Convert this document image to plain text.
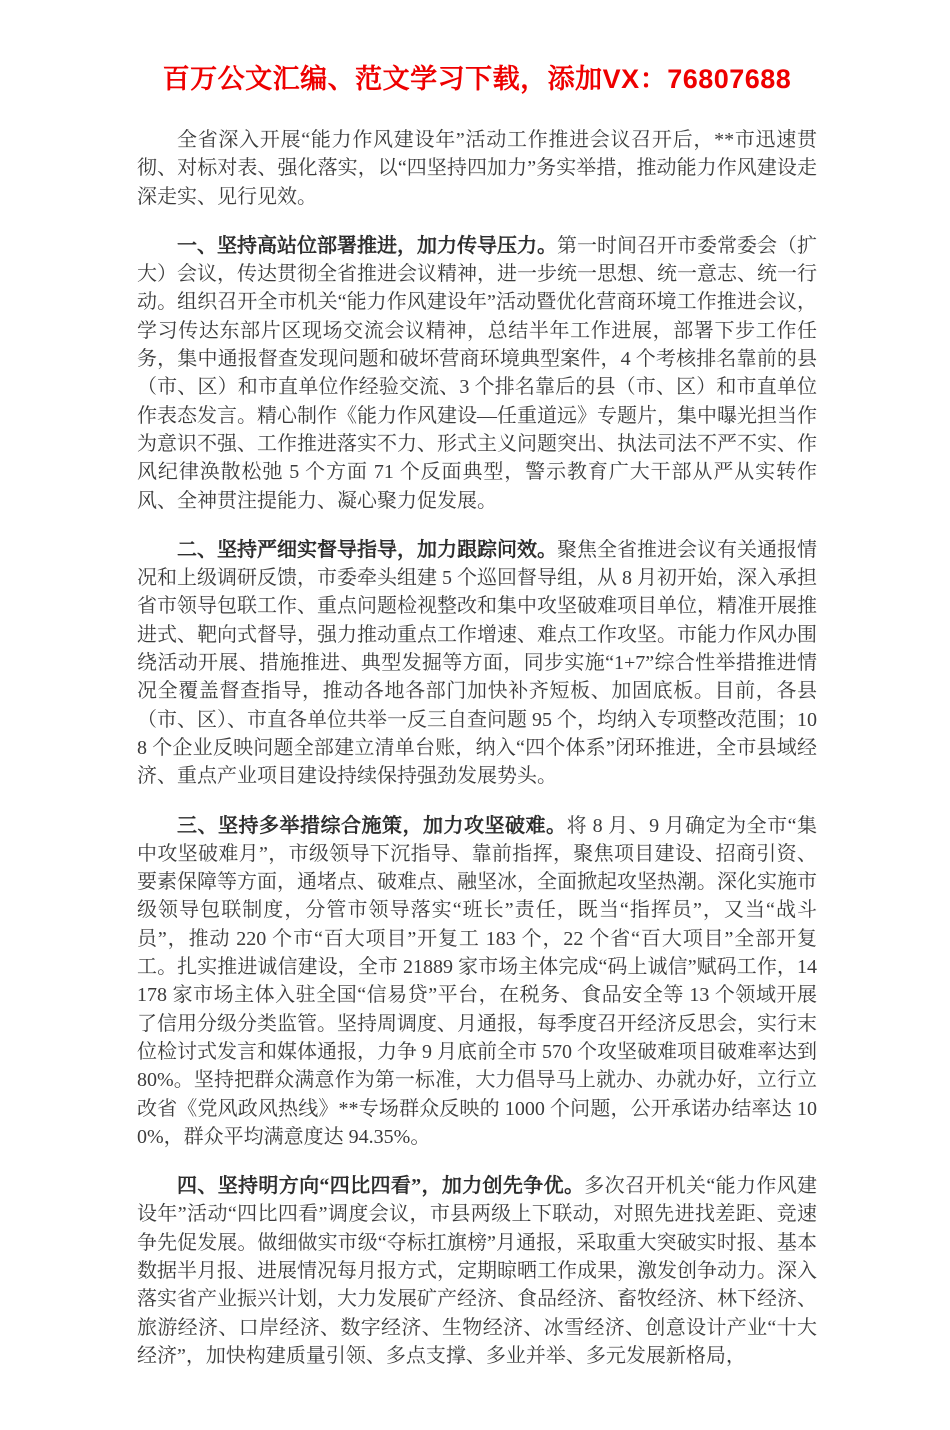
百万公文汇编、范文学习下载，添加VX：76807688

全省深入开展“能力作风建设年”活动工作推进会议召开后，**市迅速贯彻、对标对表、强化落实，以“四坚持四加力”务实举措，推动能力作风建设走深走实、见行见效。

一、坚持高站位部署推进，加力传导压力。第一时间召开市委常委会（扩大）会议，传达贯彻全省推进会议精神，进一步统一思想、统一意志、统一行动。组织召开全市机关“能力作风建设年”活动暨优化营商环境工作推进会议，学习传达东部片区现场交流会议精神，总结半年工作进展，部署下步工作任务，集中通报督查发现问题和破坏营商环境典型案件，4 个考核排名靠前的县（市、区）和市直单位作经验交流、3 个排名靠后的县（市、区）和市直单位作表态发言。精心制作《能力作风建设—任重道远》专题片，集中曝光担当作为意识不强、工作推进落实不力、形式主义问题突出、执法司法不严不实、作风纪律涣散松弛 5 个方面 71 个反面典型，警示教育广大干部从严从实转作风、全神贯注提能力、凝心聚力促发展。

二、坚持严细实督导指导，加力跟踪问效。聚焦全省推进会议有关通报情况和上级调研反馈，市委牵头组建 5 个巡回督导组，从 8 月初开始，深入承担省市领导包联工作、重点问题检视整改和集中攻坚破难项目单位，精准开展推进式、靶向式督导，强力推动重点工作增速、难点工作攻坚。市能力作风办围绕活动开展、措施推进、典型发掘等方面，同步实施“1+7”综合性举措推进情况全覆盖督查指导，推动各地各部门加快补齐短板、加固底板。目前，各县（市、区）、市直各单位共举一反三自查问题 95 个，均纳入专项整改范围；108 个企业反映问题全部建立清单台账，纳入“四个体系”闭环推进，全市县域经济、重点产业项目建设持续保持强劲发展势头。

三、坚持多举措综合施策，加力攻坚破难。将 8 月、9 月确定为全市“集中攻坚破难月”，市级领导下沉指导、靠前指挥，聚焦项目建设、招商引资、要素保障等方面，通堵点、破难点、融坚冰，全面掀起攻坚热潮。深化实施市级领导包联制度，分管市领导落实“班长”责任，既当“指挥员”，又当“战斗员”，推动 220 个市“百大项目”开复工 183 个，22 个省“百大项目”全部开复工。扎实推进诚信建设，全市 21889 家市场主体完成“码上诚信”赋码工作，14178 家市场主体入驻全国“信易贷”平台，在税务、食品安全等 13 个领域开展了信用分级分类监管。坚持周调度、月通报，每季度召开经济反思会，实行末位检讨式发言和媒体通报，力争 9 月底前全市 570 个攻坚破难项目破难率达到 80%。坚持把群众满意作为第一标准，大力倡导马上就办、办就办好，立行立改省《党风政风热线》**专场群众反映的 1000 个问题，公开承诺办结率达 100%，群众平均满意度达 94.35%。

四、坚持明方向“四比四看”，加力创先争优。多次召开机关“能力作风建设年”活动“四比四看”调度会议，市县两级上下联动，对照先进找差距、竞速争先促发展。做细做实市级“夺标扛旗榜”月通报，采取重大突破实时报、基本数据半月报、进展情况每月报方式，定期晾晒工作成果，激发创争动力。深入落实省产业振兴计划，大力发展矿产经济、食品经济、畜牧经济、林下经济、旅游经济、口岸经济、数字经济、生物经济、冰雪经济、创意设计产业“十大经济”，加快构建质量引领、多点支撑、多业并举、多元发展新格局，
